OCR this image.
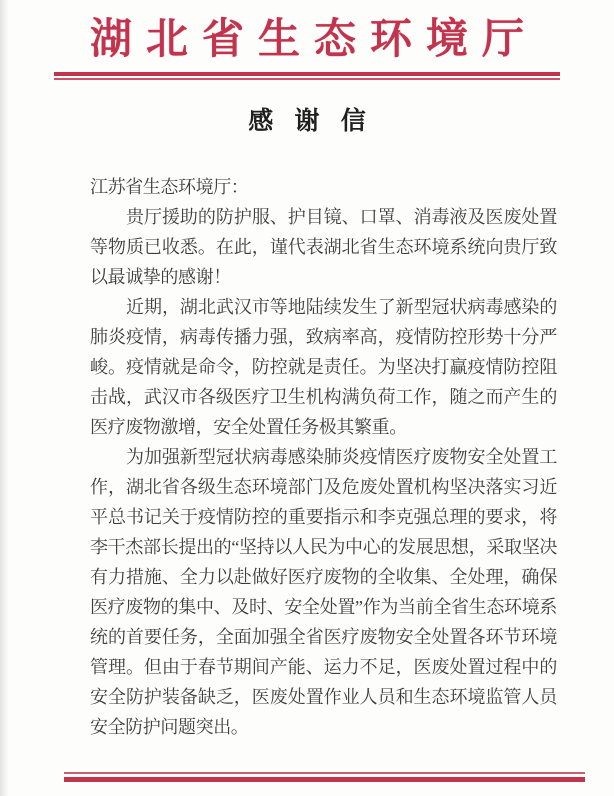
湖北省生态环境厅
感谢信

江苏省生态环境厅：

贵厅援助的防护服、护目镜、口罩、消毒液及医废处置等物质已收悉。在此，谨代表湖北省生态环境系统向贵厅致以最诚挚的感谢！

近期，湖北武汉市等地陆续发生了新型冠状病毒感染的肺炎疫情，病毒传播力强，致病率高，疫情防控形势十分严峻。疫情就是命令，防控就是责任。为坚决打赢疫情防控阻击战，武汉市各级医疗卫生机构满负荷工作，随之而产生的医疗废物激增，安全处置任务极其繁重。

为加强新型冠状病毒感染肺炎疫情医疗废物安全处置工作，湖北省各级生态环境部门及危废处置机构坚决落实习近平总书记关于疫情防控的重要指示和李克强总理的要求，将李干杰部长提出的“坚持以人民为中心的发展思想，采取坚决有力措施、全力以赴做好医疗废物的全收集、全处理，确保医疗废物的集中、及时、安全处置”作为当前全省生态环境系统的首要任务，全面加强全省医疗废物安全处置各环节环境管理。但由于春节期间产能、运力不足，医废处置过程中的安全防护装备缺乏，医废处置作业人员和生态环境监管人员安全防护问题突出。
